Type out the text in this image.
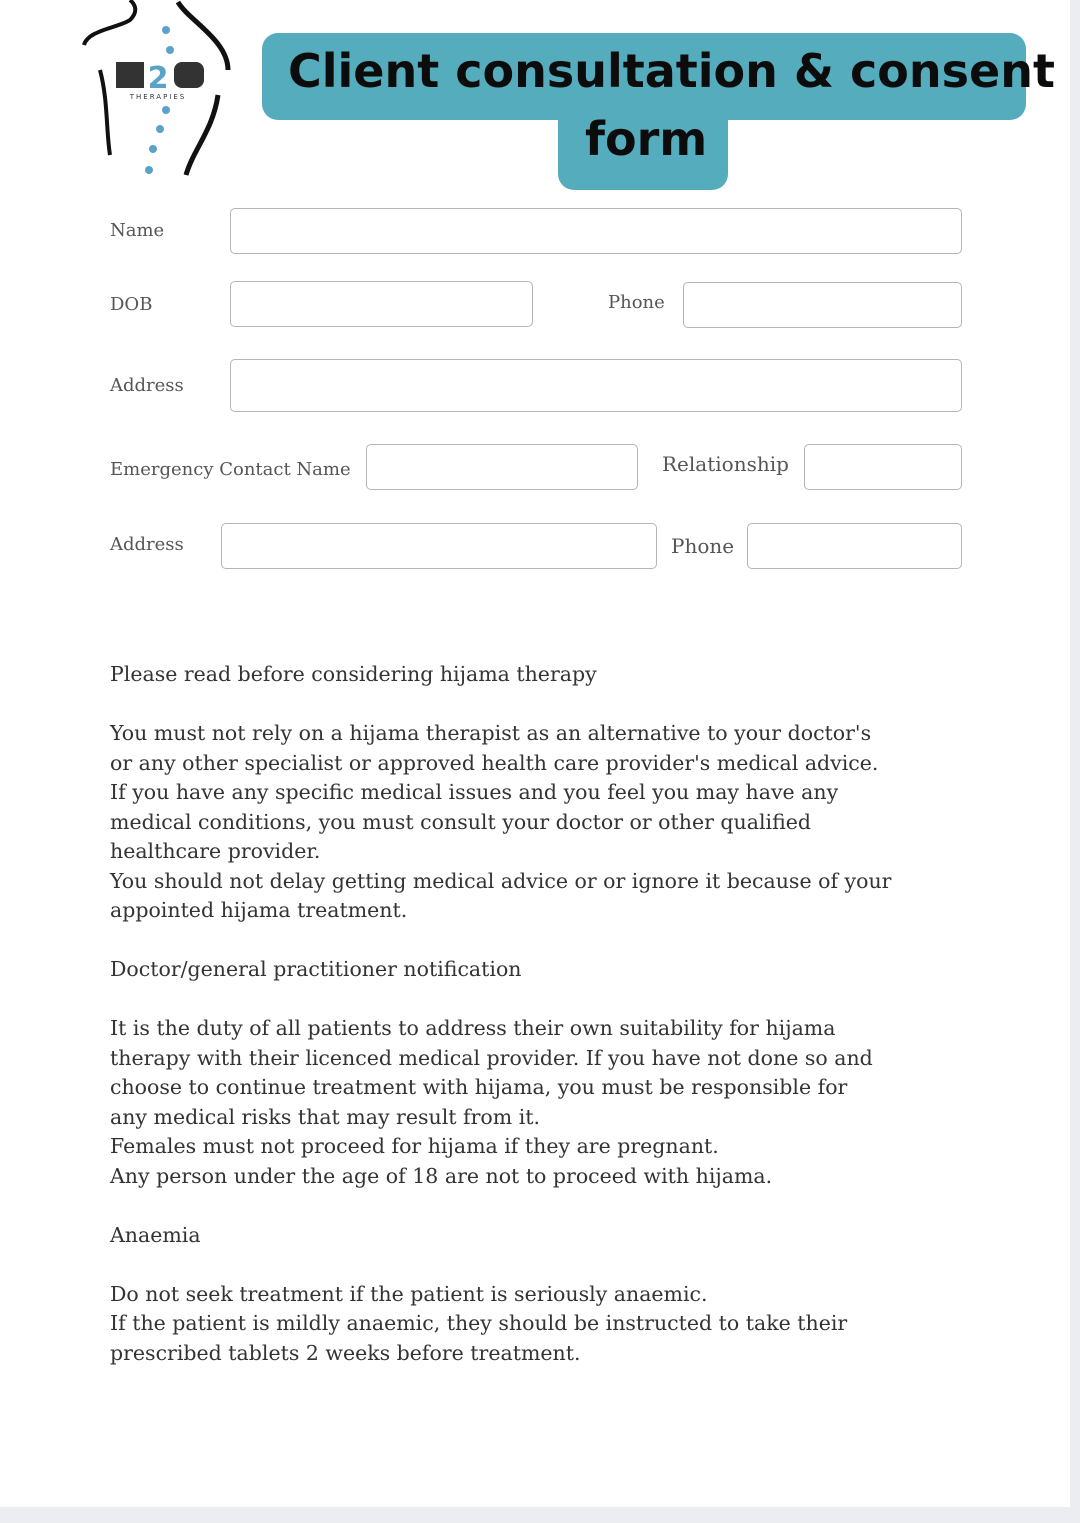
2
THERAPIES Client consultation & consent
form
Name
DOB	Phone
Address
Emergency Contact Name	Relationship
Address	Phone

Please read before considering hijama therapy

You must not rely on a hijama therapist as an alternative to your doctor's
or any other specialist or approved health care provider's medical advice.
If you have any specific medical issues and you feel you may have any
medical conditions, you must consult your doctor or other qualified
healthcare provider.
You should not delay getting medical advice or or ignore it because of your
appointed hijama treatment.

Doctor/general practitioner notification

It is the duty of all patients to address their own suitability for hijama
therapy with their licenced medical provider. If you have not done so and
choose to continue treatment with hijama, you must be responsible for
any medical risks that may result from it.
Females must not proceed for hijama if they are pregnant.
Any person under the age of 18 are not to proceed with hijama.

Anaemia

Do not seek treatment if the patient is seriously anaemic.
If the patient is mildly anaemic, they should be instructed to take their
prescribed tablets 2 weeks before treatment.
